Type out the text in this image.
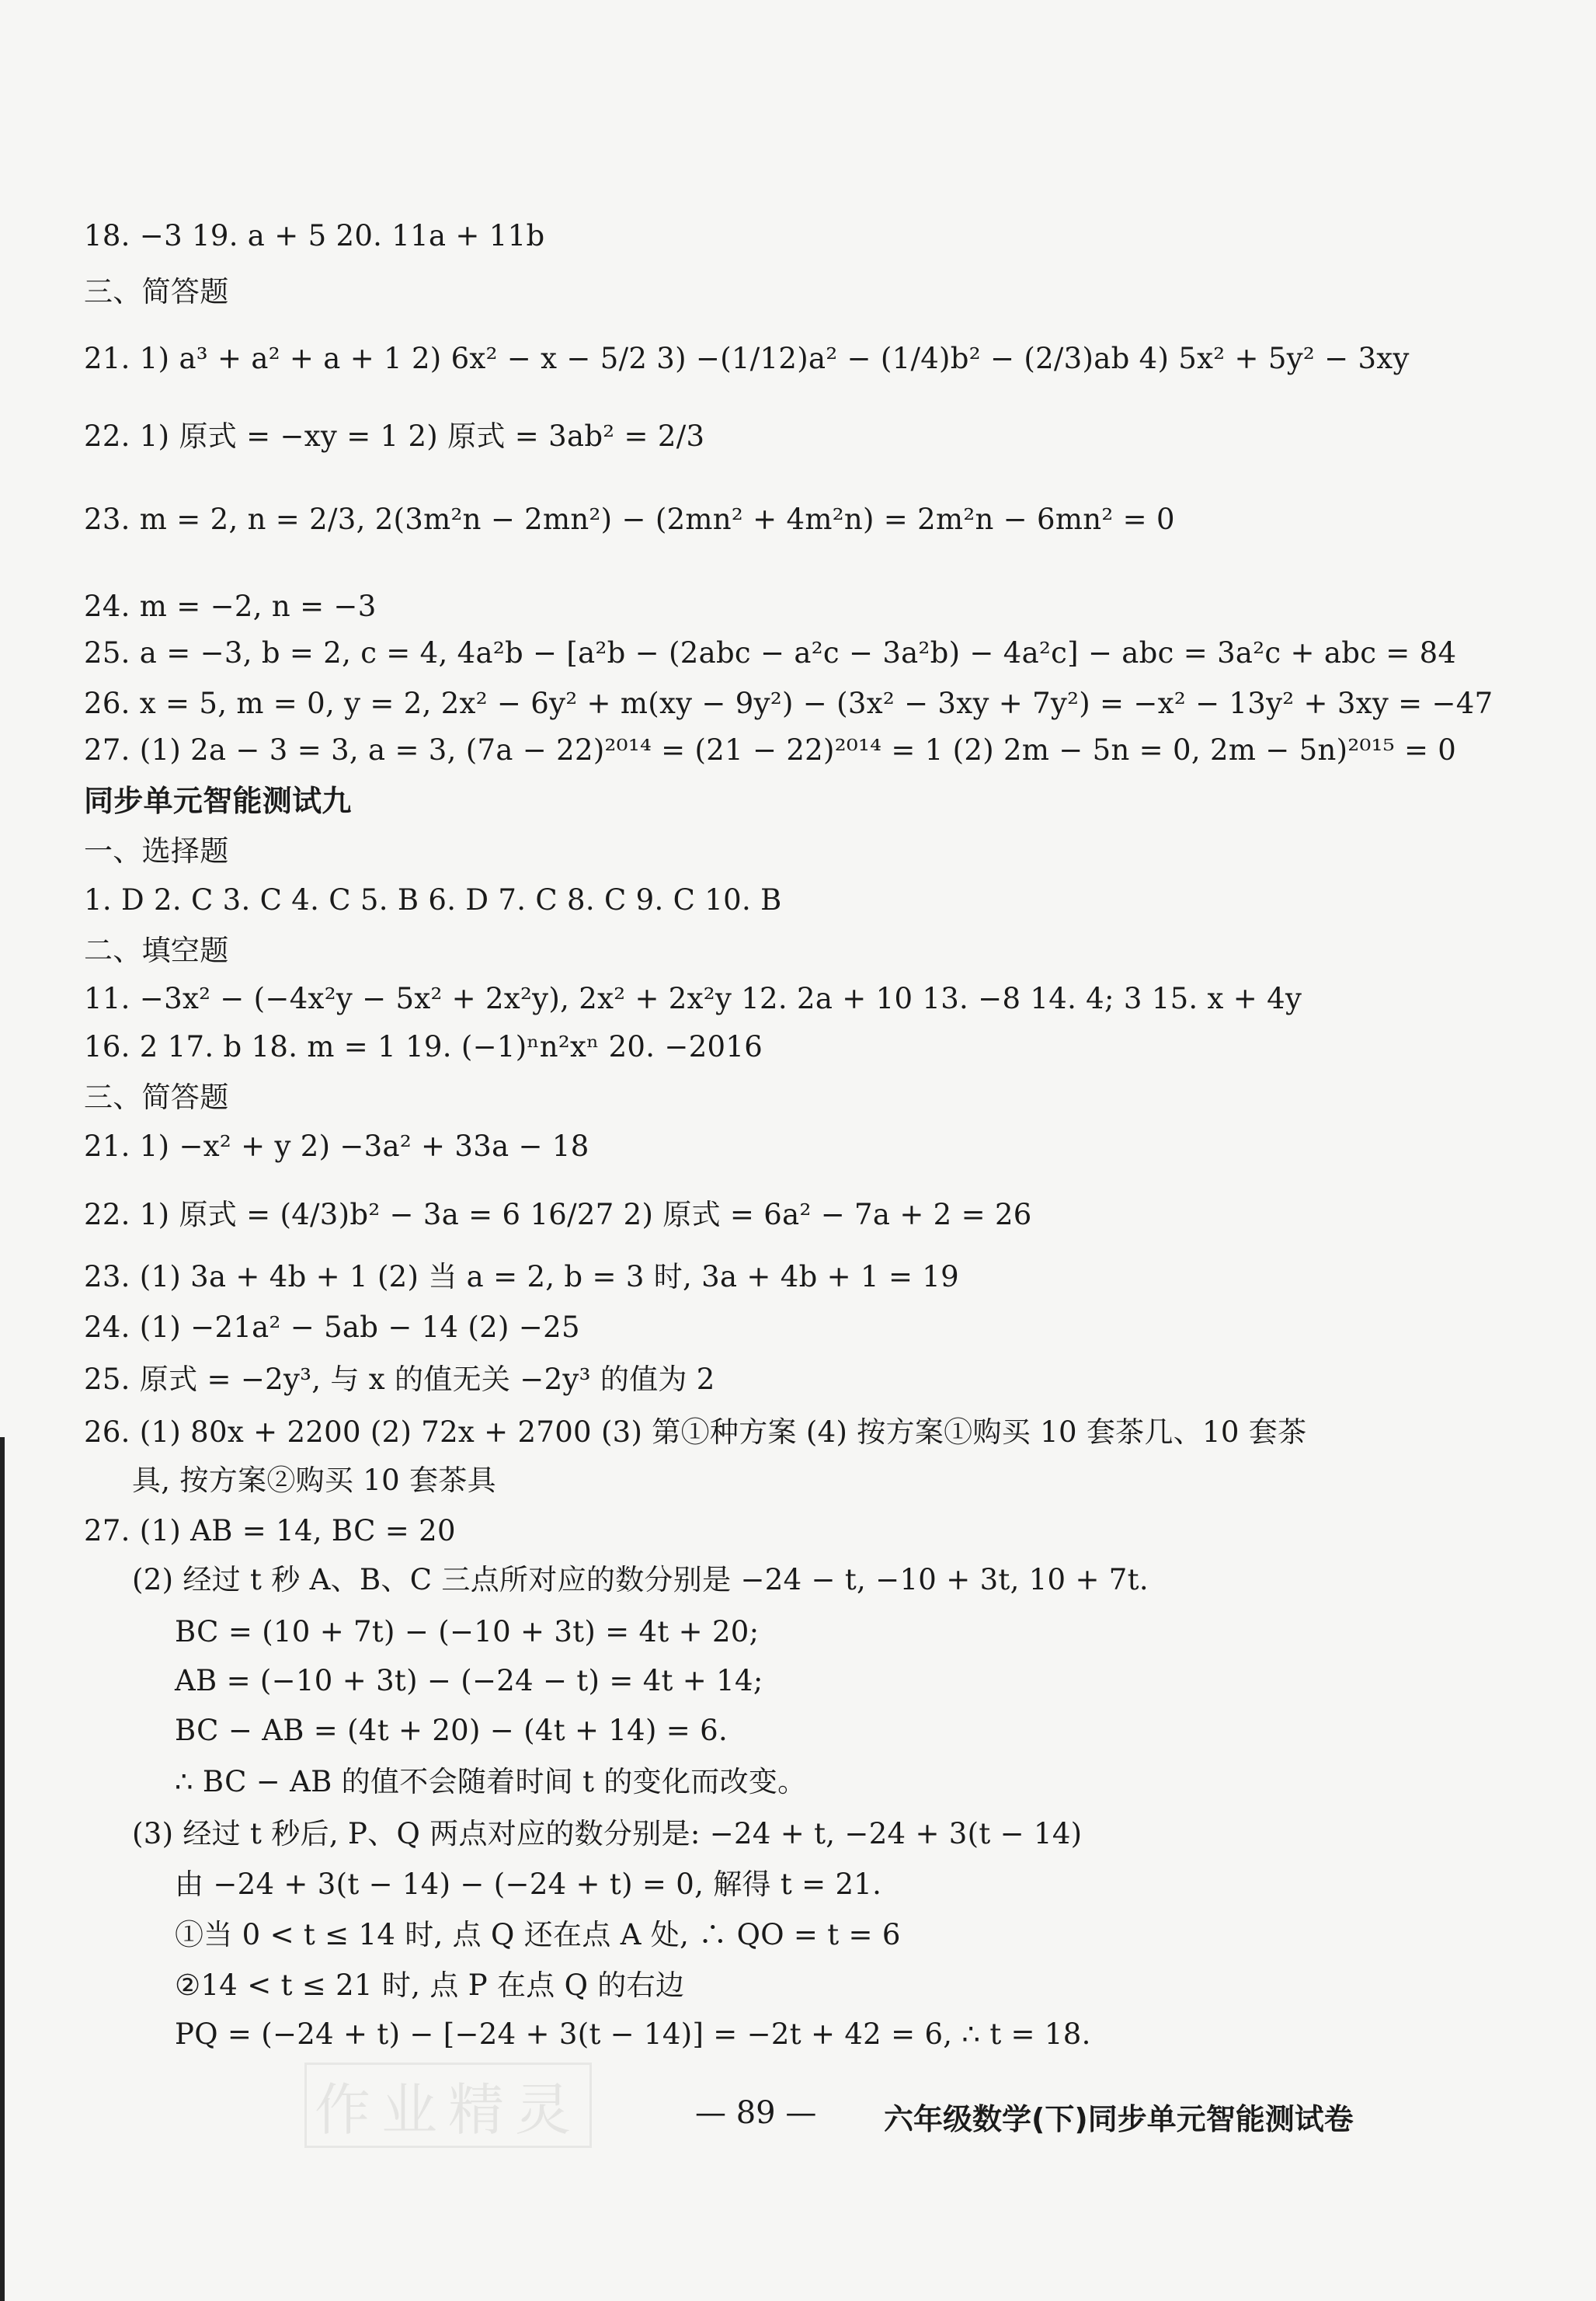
18. −3 19. a + 5 20. 11a + 11b
三、简答题
21. 1) a³ + a² + a + 1 2) 6x² − x − 5/2 3) −(1/12)a² − (1/4)b² − (2/3)ab 4) 5x² + 5y² − 3xy
22. 1) 原式 = −xy = 1 2) 原式 = 3ab² = 2/3
23. m = 2, n = 2/3, 2(3m²n − 2mn²) − (2mn² + 4m²n) = 2m²n − 6mn² = 0
24. m = −2, n = −3
25. a = −3, b = 2, c = 4, 4a²b − [a²b − (2abc − a²c − 3a²b) − 4a²c] − abc = 3a²c + abc = 84
26. x = 5, m = 0, y = 2, 2x² − 6y² + m(xy − 9y²) − (3x² − 3xy + 7y²) = −x² − 13y² + 3xy = −47
27. (1) 2a − 3 = 3, a = 3, (7a − 22)²⁰¹⁴ = (21 − 22)²⁰¹⁴ = 1 (2) 2m − 5n = 0, 2m − 5n)²⁰¹⁵ = 0
同步单元智能测试九
一、选择题
1. D 2. C 3. C 4. C 5. B 6. D 7. C 8. C 9. C 10. B
二、填空题
11. −3x² − (−4x²y − 5x² + 2x²y), 2x² + 2x²y 12. 2a + 10 13. −8 14. 4; 3 15. x + 4y
16. 2 17. b 18. m = 1 19. (−1)ⁿn²xⁿ 20. −2016
三、简答题
21. 1) −x² + y 2) −3a² + 33a − 18
22. 1) 原式 = (4/3)b² − 3a = 6 16/27 2) 原式 = 6a² − 7a + 2 = 26
23. (1) 3a + 4b + 1 (2) 当 a = 2, b = 3 时, 3a + 4b + 1 = 19
24. (1) −21a² − 5ab − 14 (2) −25
25. 原式 = −2y³, 与 x 的值无关 −2y³ 的值为 2
26. (1) 80x + 2200 (2) 72x + 2700 (3) 第①种方案 (4) 按方案①购买 10 套茶几、10 套茶
具, 按方案②购买 10 套茶具
27. (1) AB = 14, BC = 20
(2) 经过 t 秒 A、B、C 三点所对应的数分别是 −24 − t, −10 + 3t, 10 + 7t.
BC = (10 + 7t) − (−10 + 3t) = 4t + 20;
AB = (−10 + 3t) − (−24 − t) = 4t + 14;
BC − AB = (4t + 20) − (4t + 14) = 6.
∴ BC − AB 的值不会随着时间 t 的变化而改变。
(3) 经过 t 秒后, P、Q 两点对应的数分别是: −24 + t, −24 + 3(t − 14)
由 −24 + 3(t − 14) − (−24 + t) = 0, 解得 t = 21.
①当 0 < t ≤ 14 时, 点 Q 还在点 A 处, ∴ QO = t = 6
②14 < t ≤ 21 时, 点 P 在点 Q 的右边
PQ = (−24 + t) − [−24 + 3(t − 14)] = −2t + 42 = 6, ∴ t = 18.
作业精灵	— 89 — 六年级数学(下)同步单元智能测试卷
